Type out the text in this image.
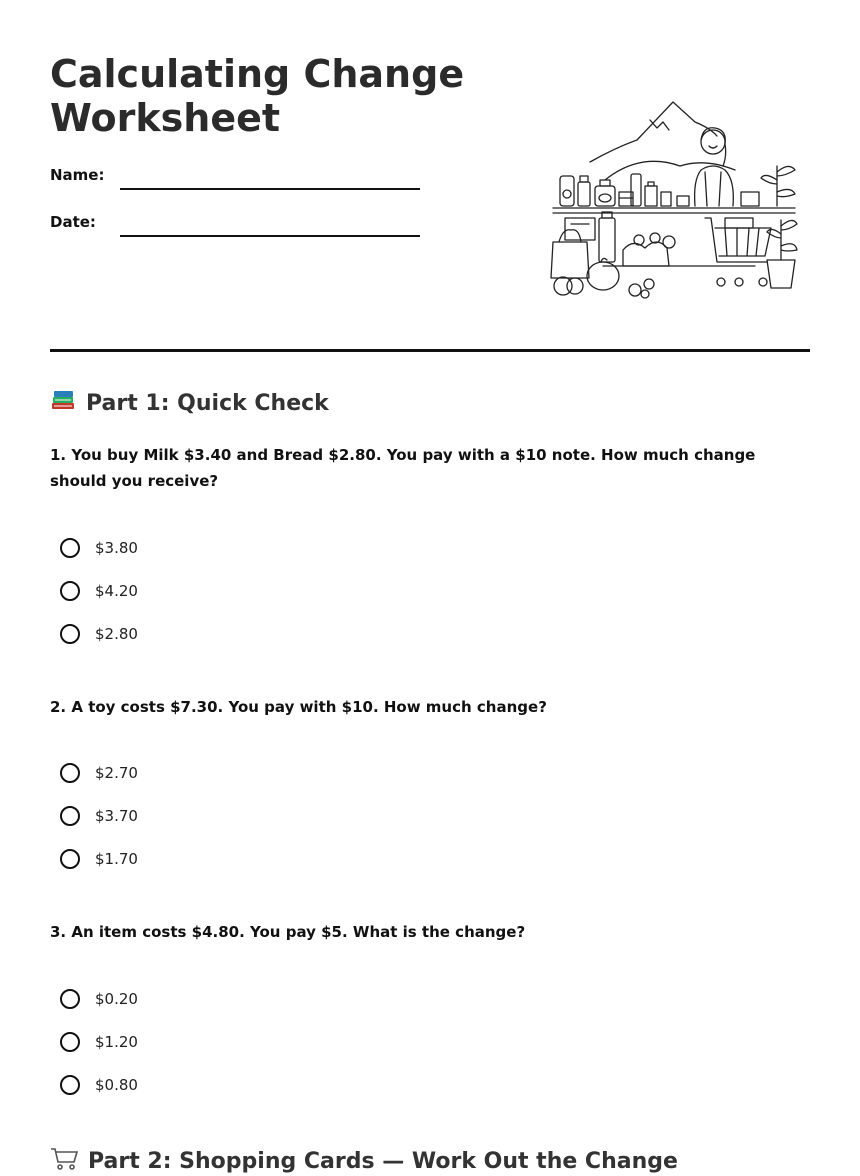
Calculating Change Worksheet
Name:
Date:
Part 1: Quick Check

1. You buy Milk $3.40 and Bread $2.80. You pay with a $10 note. How much change should you receive?

$3.80
$4.20
$2.80

2. A toy costs $7.30. You pay with $10. How much change?

$2.70
$3.70
$1.70

3. An item costs $4.80. You pay $5. What is the change?

$0.20
$1.20
$0.80
Part 2: Shopping Cards — Work Out the Change
